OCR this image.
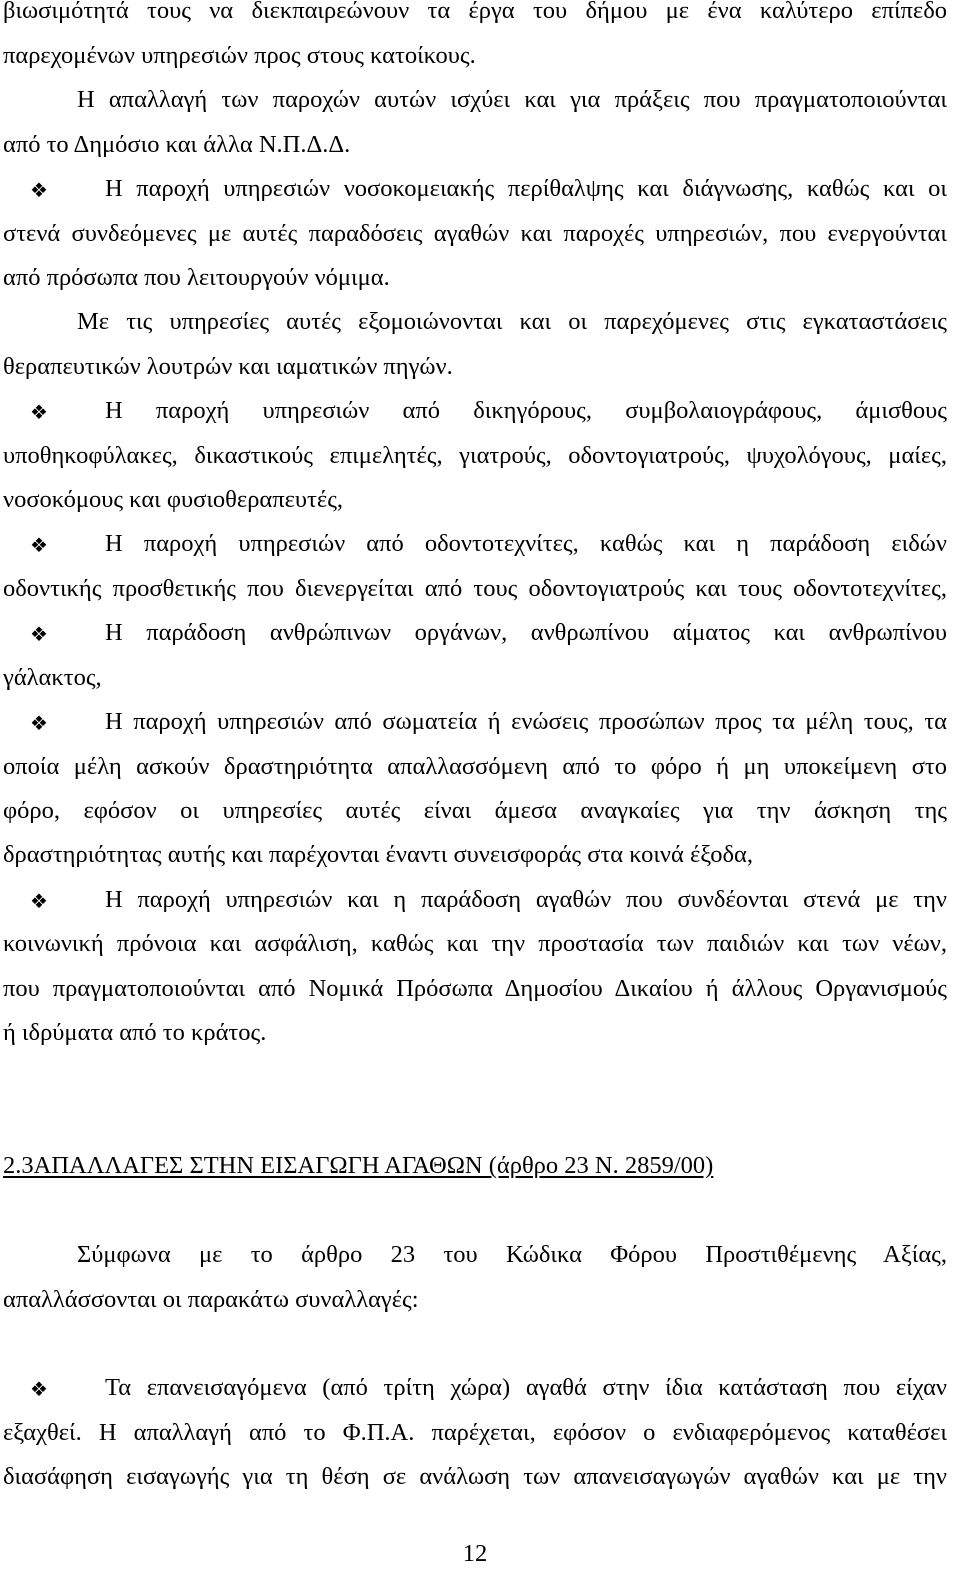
βιωσιμότητά τους να διεκπαιρεώνουν τα έργα του δήμου με ένα καλύτερο επίπεδο
παρεχομένων υπηρεσιών προς στους κατοίκους.
Η απαλλαγή των παροχών αυτών ισχύει και για πράξεις που πραγματοποιούνται
από το Δημόσιο και άλλα Ν.Π.Δ.Δ.
❖ Η παροχή υπηρεσιών νοσοκομειακής περίθαλψης και διάγνωσης, καθώς και οι
στενά συνδεόμενες με αυτές παραδόσεις αγαθών και παροχές υπηρεσιών, που ενεργούνται
από πρόσωπα που λειτουργούν νόμιμα.
Με τις υπηρεσίες αυτές εξομοιώνονται και οι παρεχόμενες στις εγκαταστάσεις
θεραπευτικών λουτρών και ιαματικών πηγών.
❖ Η παροχή υπηρεσιών από δικηγόρους, συμβολαιογράφους, άμισθους
υποθηκοφύλακες, δικαστικούς επιμελητές, γιατρούς, οδοντογιατρούς, ψυχολόγους, μαίες,
νοσοκόμους και φυσιοθεραπευτές,
❖ Η παροχή υπηρεσιών από οδοντοτεχνίτες, καθώς και η παράδοση ειδών
οδοντικής προσθετικής που διενεργείται από τους οδοντογιατρούς και τους οδοντοτεχνίτες,
❖ Η παράδοση ανθρώπινων οργάνων, ανθρωπίνου αίματος και ανθρωπίνου
γάλακτος,
❖ Η παροχή υπηρεσιών από σωματεία ή ενώσεις προσώπων προς τα μέλη τους, τα
οποία μέλη ασκούν δραστηριότητα απαλλασσόμενη από το φόρο ή μη υποκείμενη στο
φόρο, εφόσον οι υπηρεσίες αυτές είναι άμεσα αναγκαίες για την άσκηση της
δραστηριότητας αυτής και παρέχονται έναντι συνεισφοράς στα κοινά έξοδα,
❖ Η παροχή υπηρεσιών και η παράδοση αγαθών που συνδέονται στενά με την
κοινωνική πρόνοια και ασφάλιση, καθώς και την προστασία των παιδιών και των νέων,
που πραγματοποιούνται από Νομικά Πρόσωπα Δημοσίου Δικαίου ή άλλους Οργανισμούς
ή ιδρύματα από το κράτος.
2.3ΑΠΑΛΛΑΓΕΣ ΣΤΗΝ ΕΙΣΑΓΩΓΗ ΑΓΑΘΩΝ (άρθρο 23 Ν. 2859/00)
Σύμφωνα με το άρθρο 23 του Κώδικα Φόρου Προστιθέμενης Αξίας,
απαλλάσσονται οι παρακάτω συναλλαγές:
❖ Τα επανεισαγόμενα (από τρίτη χώρα) αγαθά στην ίδια κατάσταση που είχαν
εξαχθεί. Η απαλλαγή από το Φ.Π.Α. παρέχεται, εφόσον ο ενδιαφερόμενος καταθέσει
διασάφηση εισαγωγής για τη θέση σε ανάλωση των απανεισαγωγών αγαθών και με την
12
